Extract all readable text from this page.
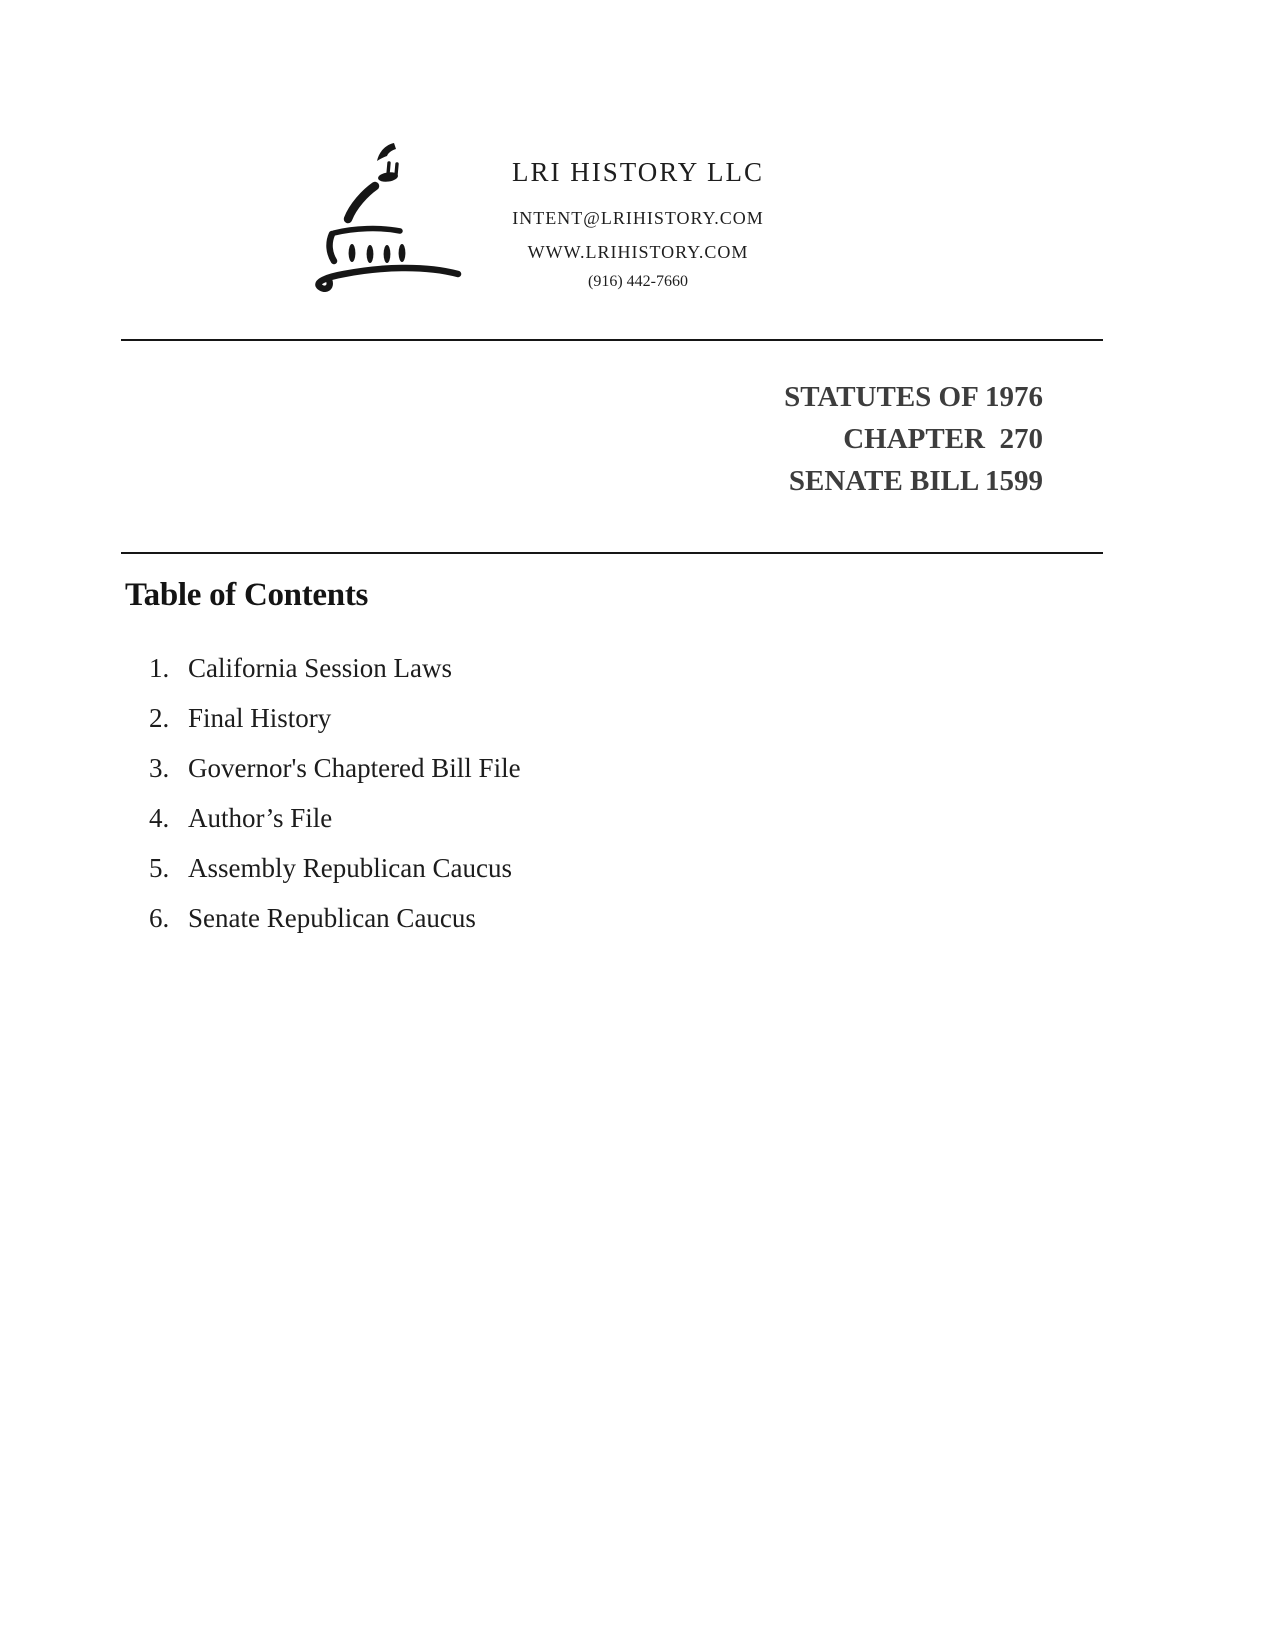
LRI HISTORY LLC
INTENT@LRIHISTORY.COM
WWW.LRIHISTORY.COM
(916) 442-7660
STATUTES OF 1976
CHAPTER  270
SENATE BILL 1599
Table of Contents
1. California Session Laws
2. Final History
3. Governor's Chaptered Bill File
4. Author’s File
5. Assembly Republican Caucus
6. Senate Republican Caucus
